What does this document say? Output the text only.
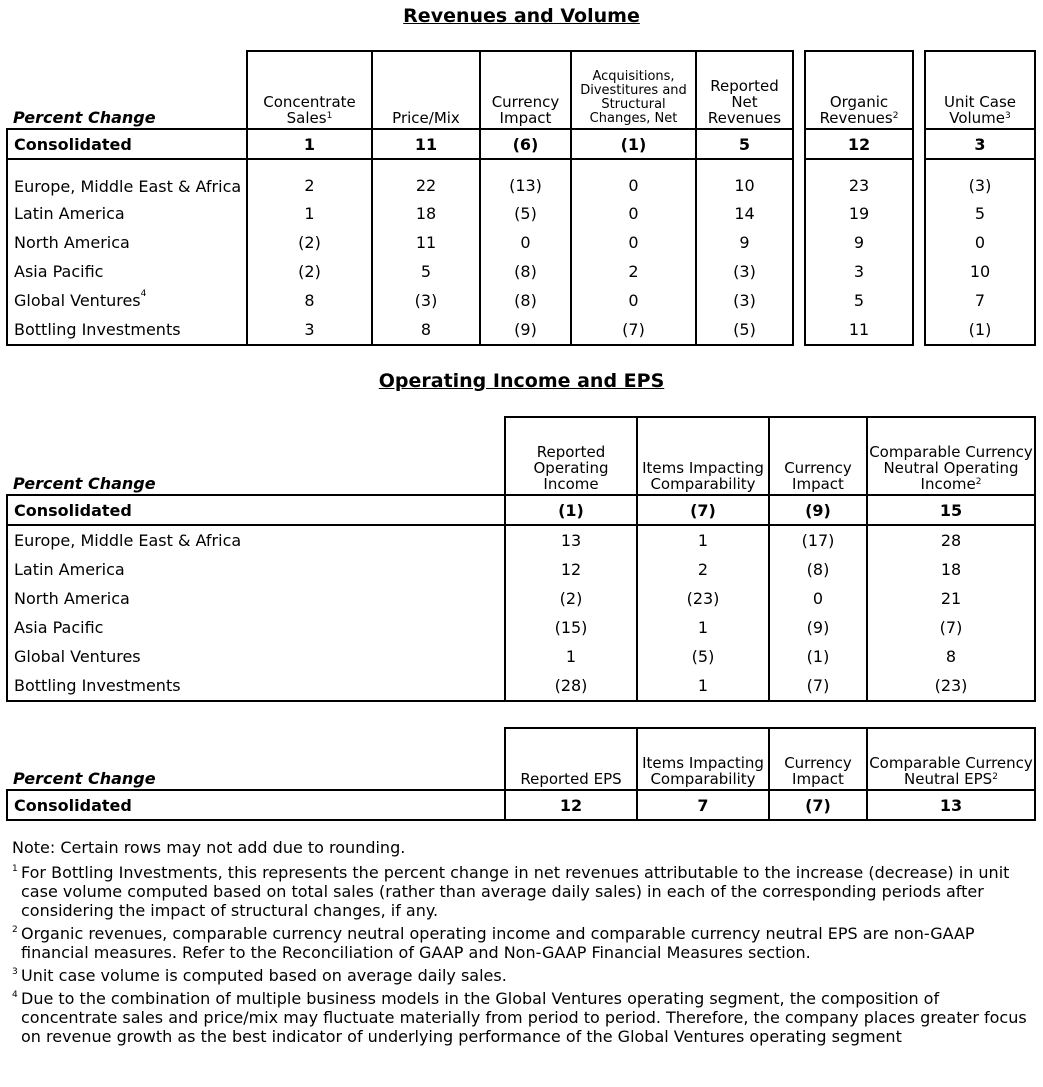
Revenues and Volume
Percent Change	Concentrate Sales$^1$	Price/Mix	Currency Impact	Acquisitions, Divestitures and Structural Changes, Net	Reported Net Revenues		Organic Revenues$^2$		Unit Case Volume$^3$
Consolidated	1	11	(6)	(1)	5		12		3
Europe, Middle East & Africa	2	22	(13)	0	10		23		(3)
Latin America	1	18	(5)	0	14		19		5
North America	(2)	11	0	0	9		9		0
Asia Pacific	(2)	5	(8)	2	(3)		3		10
Global Ventures$^4$	8	(3)	(8)	0	(3)		5		7
Bottling Investments	3	8	(9)	(7)	(5)		11		(1)
Operating Income and EPS
Percent Change	Reported Operating Income	Items Impacting Comparability	Currency Impact	Comparable Currency Neutral Operating Income$^2$
Consolidated	(1)	(7)	(9)	15
Europe, Middle East & Africa	13	1	(17)	28
Latin America	12	2	(8)	18
North America	(2)	(23)	0	21
Asia Pacific	(15)	1	(9)	(7)
Global Ventures	1	(5)	(1)	8
Bottling Investments	(28)	1	(7)	(23)
Percent Change	Reported EPS	Items Impacting Comparability	Currency Impact	Comparable Currency Neutral EPS$^2$
Consolidated	12	7	(7)	13

Note: Certain rows may not add due to rounding.

1 For Bottling Investments, this represents the percent change in net revenues attributable to the increase (decrease) in unit case volume computed based on total sales (rather than average daily sales) in each of the corresponding periods after considering the impact of structural changes, if any.

2 Organic revenues, comparable currency neutral operating income and comparable currency neutral EPS are non-GAAP financial measures. Refer to the Reconciliation of GAAP and Non-GAAP Financial Measures section.

3 Unit case volume is computed based on average daily sales.

4 Due to the combination of multiple business models in the Global Ventures operating segment, the composition of concentrate sales and price/mix may fluctuate materially from period to period. Therefore, the company places greater focus on revenue growth as the best indicator of underlying performance of the Global Ventures operating segment
